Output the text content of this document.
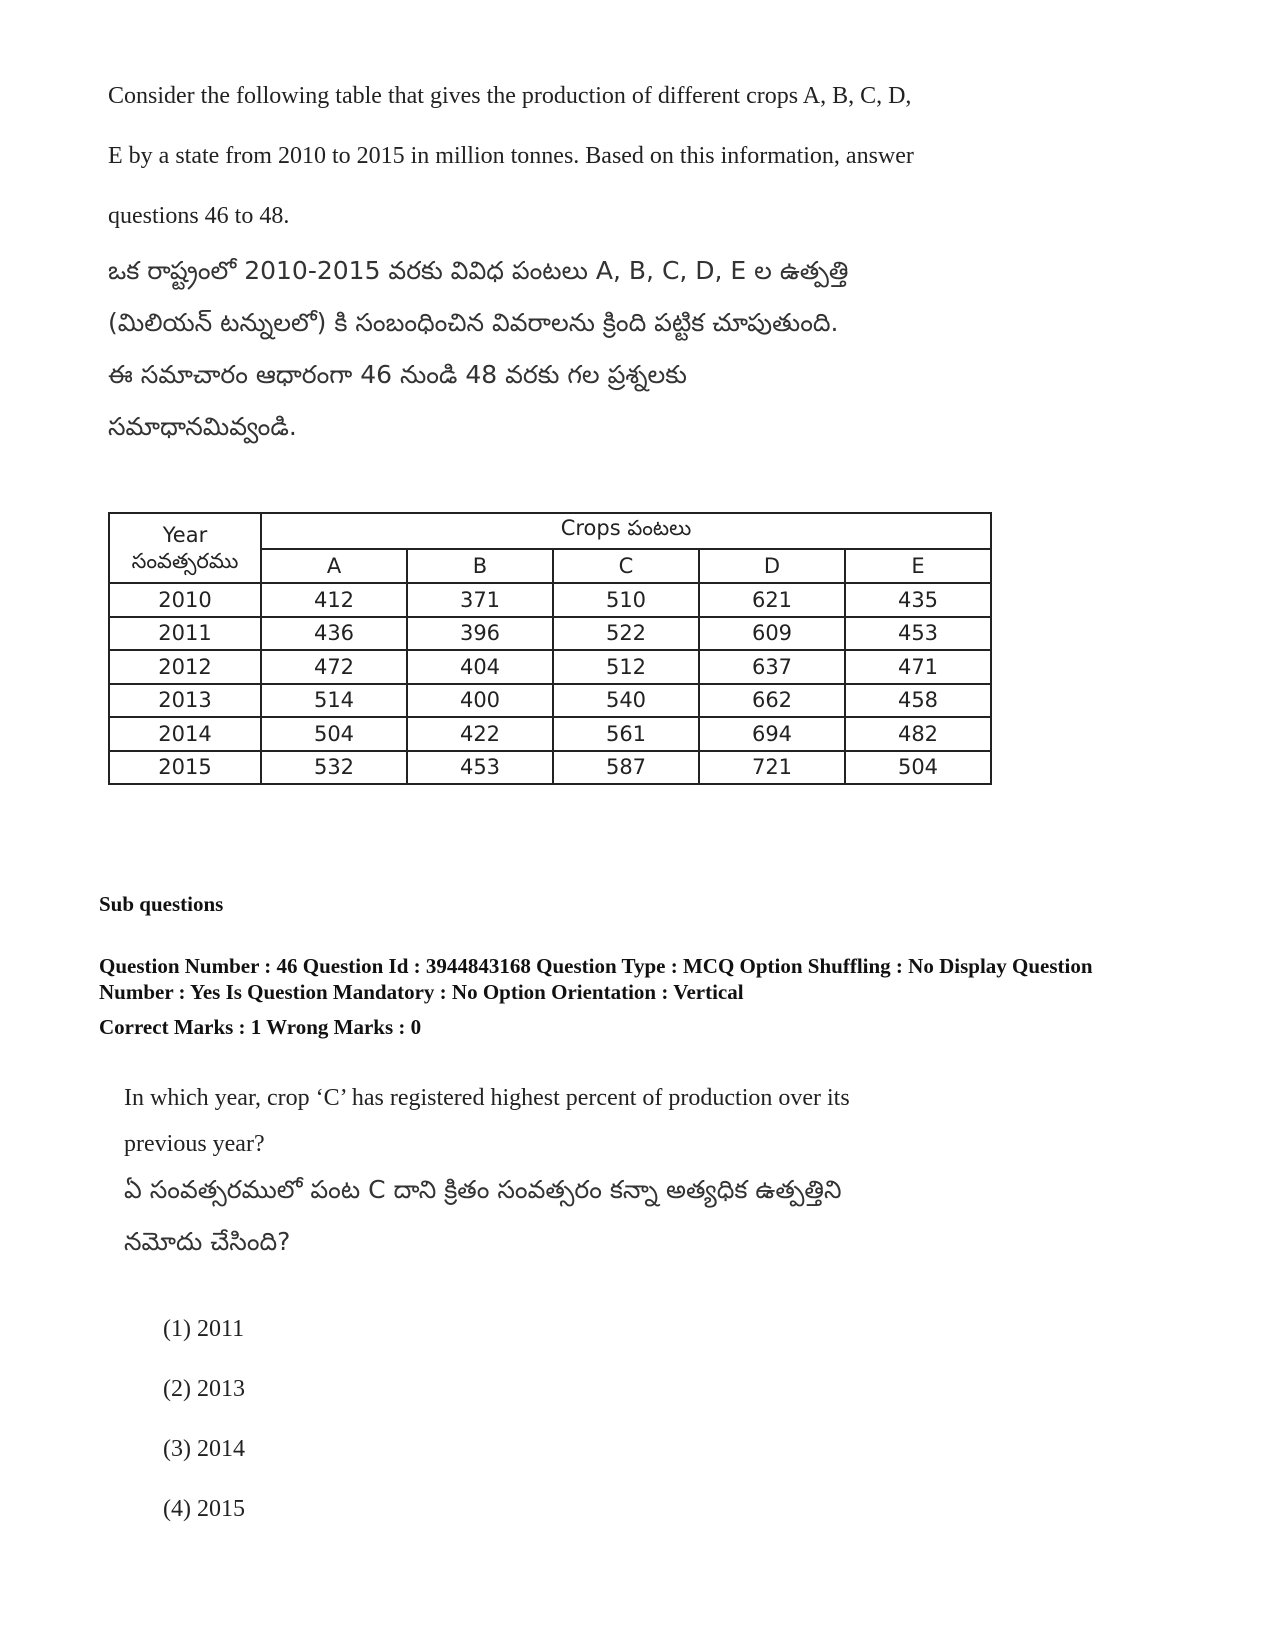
Consider the following table that gives the production of different crops A, B, C, D,
E by a state from 2010 to 2015 in million tonnes. Based on this information, answer
questions 46 to 48.
ఒక రాష్ట్రంలో 2010-2015 వరకు వివిధ పంటలు A, B, C, D, E ల ఉత్పత్తి
(మిలియన్ టన్నులలో) కి సంబంధించిన వివరాలను క్రింది పట్టిక చూపుతుంది.
ఈ సమాచారం ఆధారంగా 46 నుండి 48 వరకు గల ప్రశ్నలకు
సమాధానమివ్వండి.
Year
సంవత్సరము	Crops పంటలు				
	A	B	C	D	E
2010	412	371	510	621	435
2011	436	396	522	609	453
2012	472	404	512	637	471
2013	514	400	540	662	458
2014	504	422	561	694	482
2015	532	453	587	721	504
Sub questions
Question Number : 46 Question Id : 3944843168 Question Type : MCQ Option Shuffling : No Display Question
Number : Yes Is Question Mandatory : No Option Orientation : Vertical
Correct Marks : 1 Wrong Marks : 0
In which year, crop ‘C’ has registered highest percent of production over its
previous year?
ఏ సంవత్సరములో పంట C దాని క్రితం సంవత్సరం కన్నా అత్యధిక ఉత్పత్తిని
నమోదు చేసింది?
(1) 2011
(2) 2013
(3) 2014
(4) 2015
